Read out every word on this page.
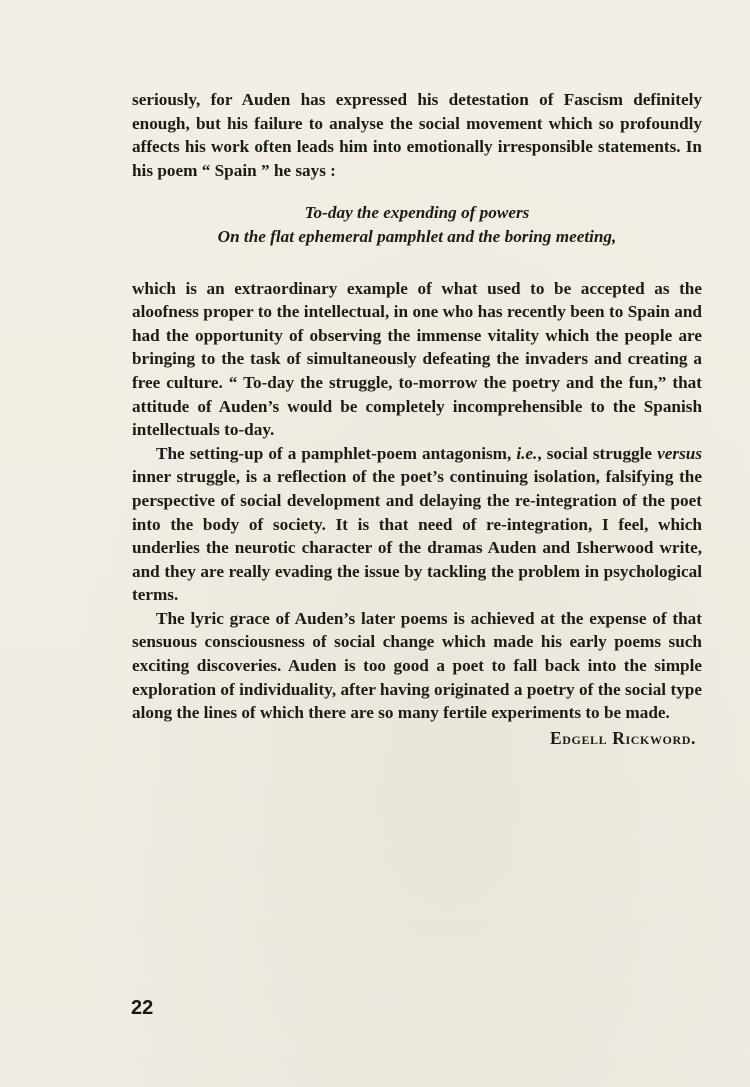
seriously, for Auden has expressed his detestation of Fascism definitely enough, but his failure to analyse the social movement which so profoundly affects his work often leads him into emotionally irresponsible statements. In his poem “ Spain ” he says :

To-day the expending of powers
On the flat ephemeral pamphlet and the boring meeting,

which is an extraordinary example of what used to be accepted as the aloofness proper to the intellectual, in one who has recently been to Spain and had the opportunity of observing the immense vitality which the people are bringing to the task of simultaneously defeating the invaders and creating a free culture. “ To-day the struggle, to-morrow the poetry and the fun,” that attitude of Auden’s would be completely incomprehensible to the Spanish intellectuals to-day.

The setting-up of a pamphlet-poem antagonism, i.e., social struggle versus inner struggle, is a reflection of the poet’s continuing isolation, falsifying the perspective of social development and delaying the re-integration of the poet into the body of society. It is that need of re-integration, I feel, which underlies the neurotic character of the dramas Auden and Isherwood write, and they are really evading the issue by tackling the problem in psychological terms.

The lyric grace of Auden’s later poems is achieved at the expense of that sensuous consciousness of social change which made his early poems such exciting discoveries. Auden is too good a poet to fall back into the simple exploration of individuality, after having originated a poetry of the social type along the lines of which there are so many fertile experiments to be made.

Edgell Rickword.
22
